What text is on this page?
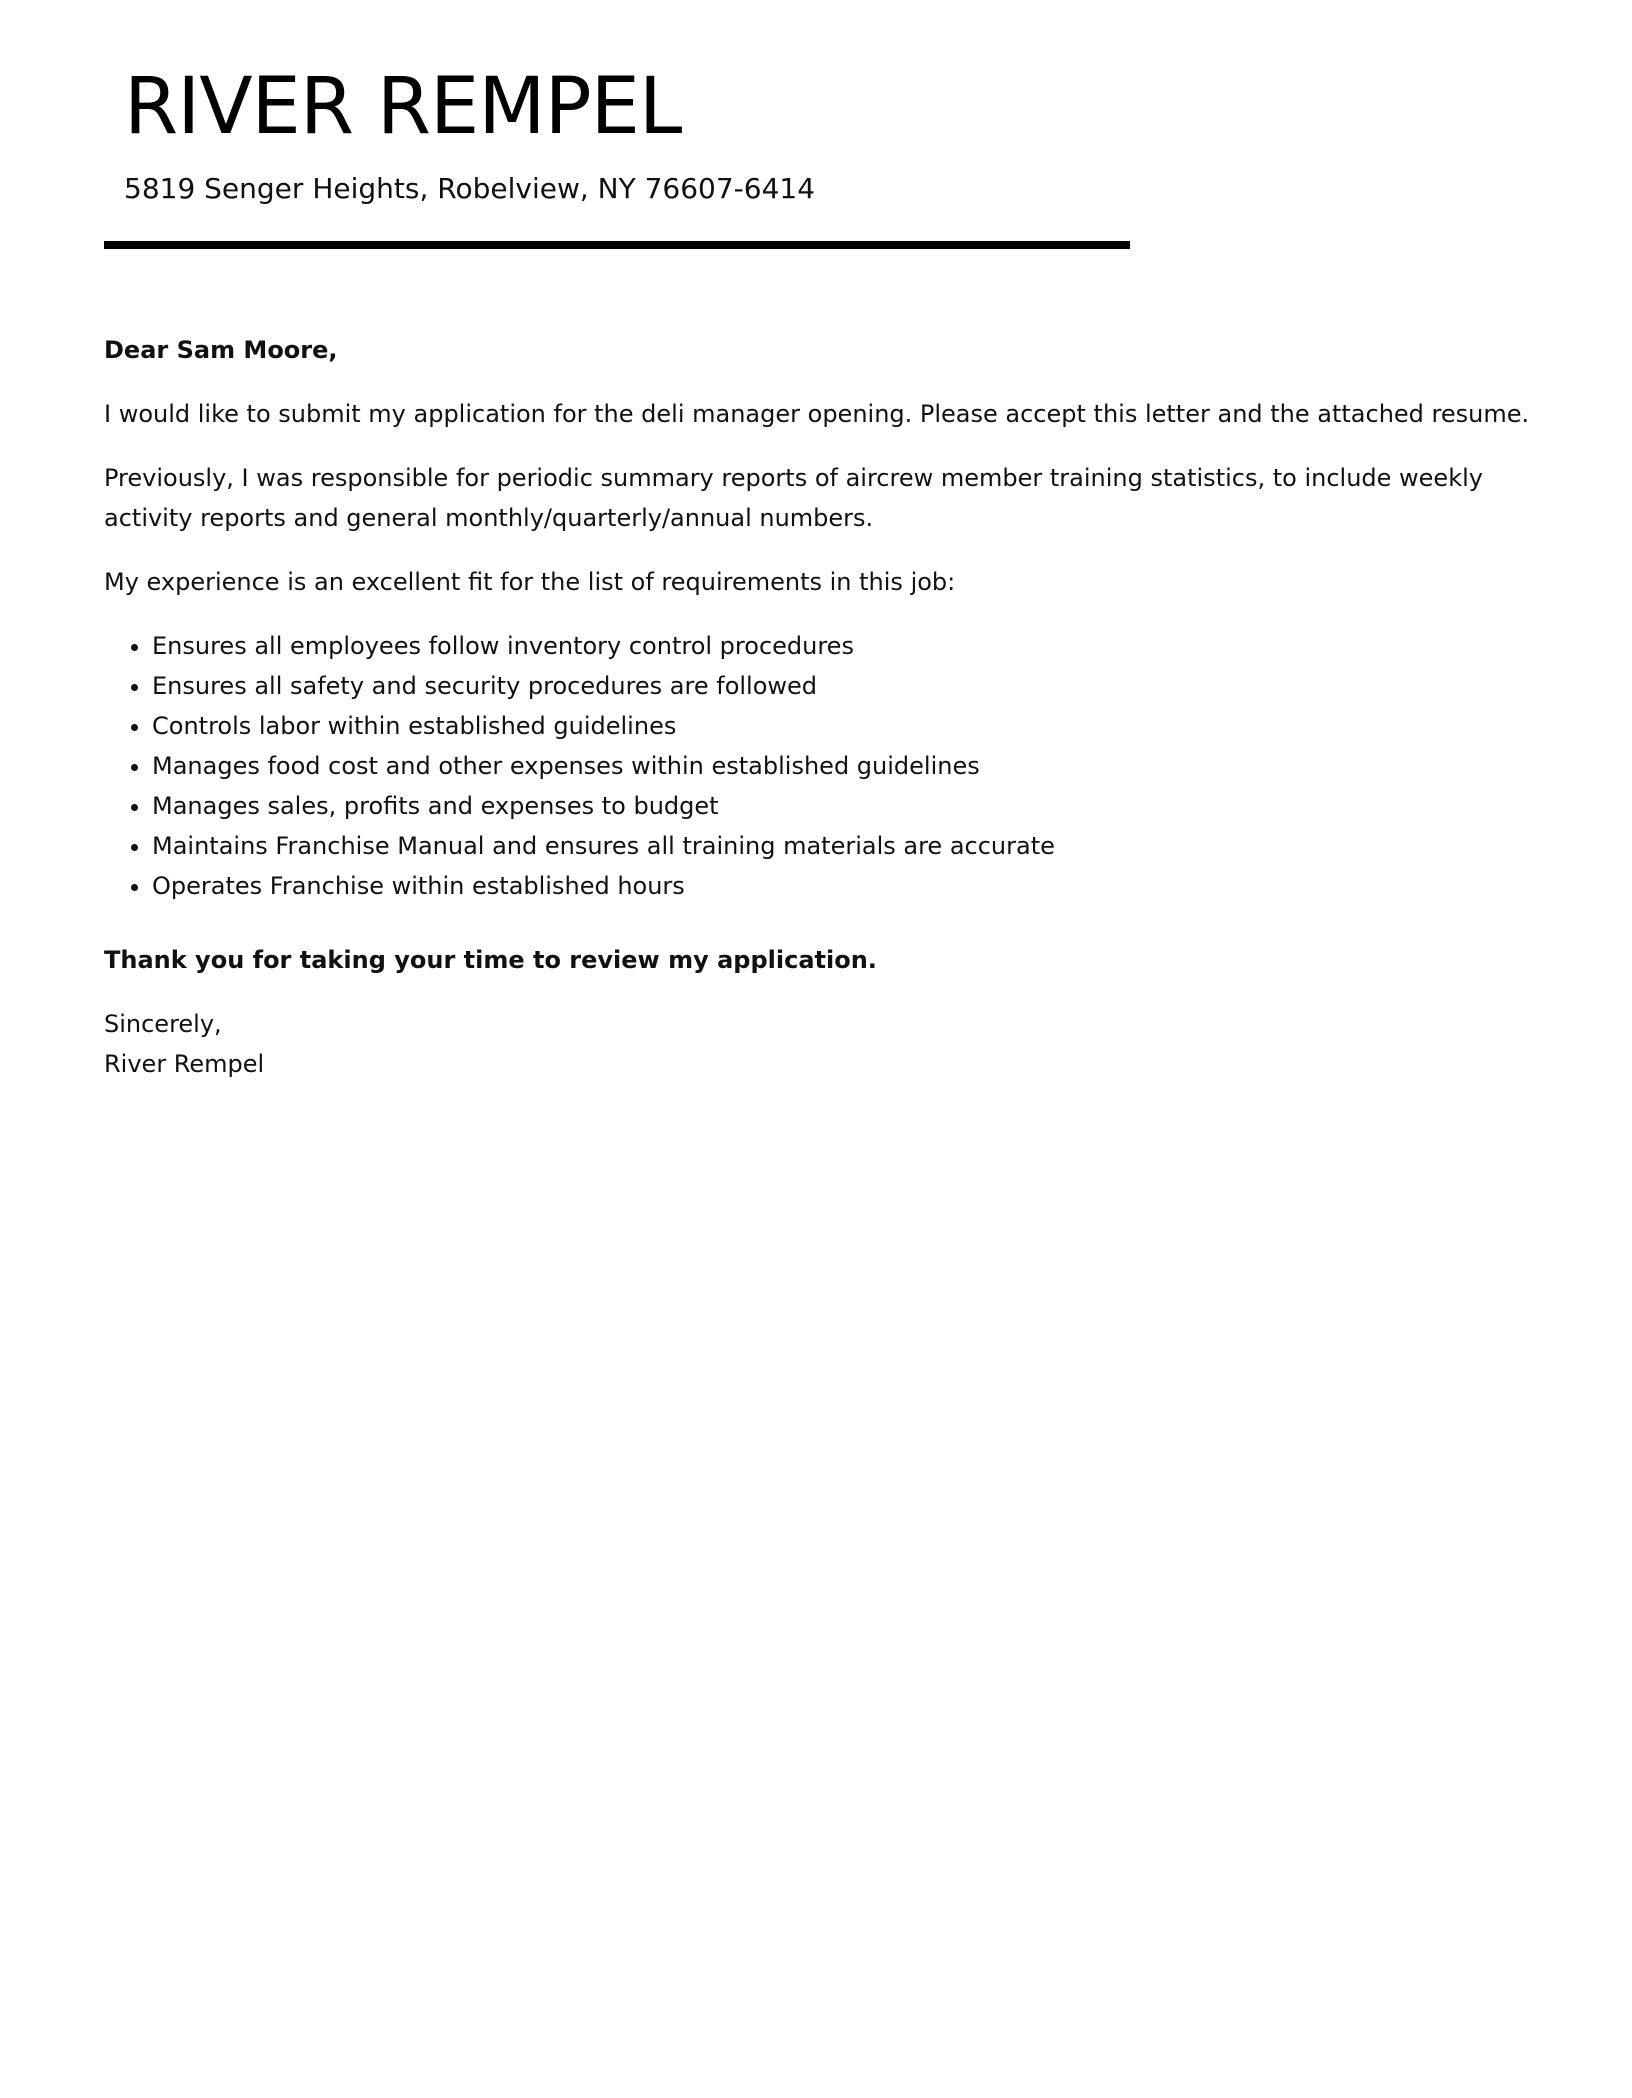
RIVER REMPEL
5819 Senger Heights, Robelview, NY 76607-6414

Dear Sam Moore,

I would like to submit my application for the deli manager opening. Please accept this letter and the attached resume.

Previously, I was responsible for periodic summary reports of aircrew member training statistics, to include weekly activity reports and general monthly/quarterly/annual numbers.

My experience is an excellent fit for the list of requirements in this job:

• Ensures all employees follow inventory control procedures
• Ensures all safety and security procedures are followed
• Controls labor within established guidelines
• Manages food cost and other expenses within established guidelines
• Manages sales, profits and expenses to budget
• Maintains Franchise Manual and ensures all training materials are accurate
• Operates Franchise within established hours

Thank you for taking your time to review my application.

Sincerely,
River Rempel
